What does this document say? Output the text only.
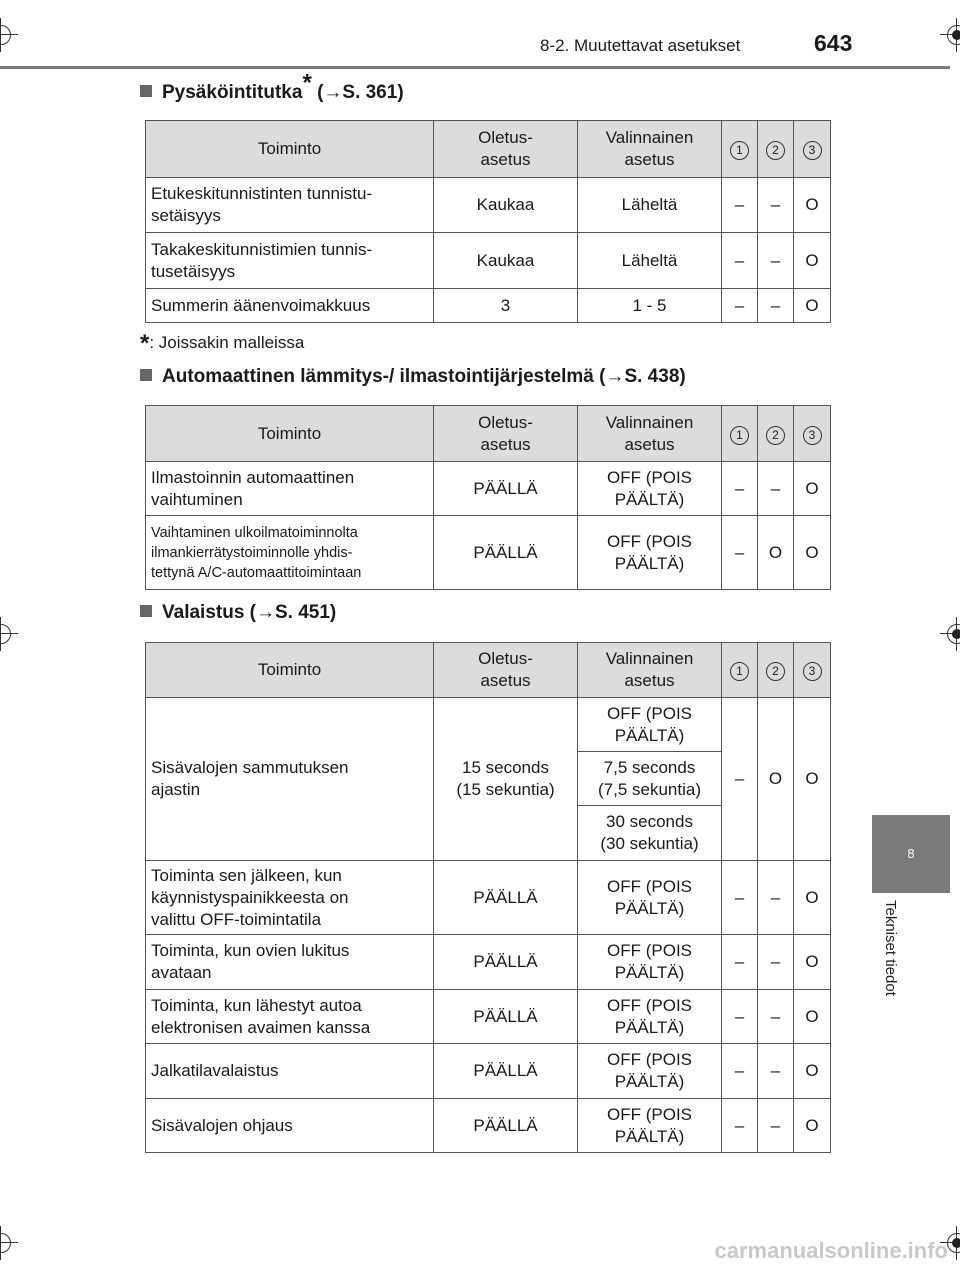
8-2. Muutettavat asetukset	643
8
Tekniset tiedot
Pysäköintitutka* (→S. 361)
Toiminto	Oletus-
asetus	Valinnainen
asetus	1	2	3
Etukeskitunnistinten tunnistu-
setäisyys	Kaukaa	Läheltä	–	–	O
Takakeskitunnistimien tunnis-
tusetäisyys	Kaukaa	Läheltä	–	–	O
Summerin äänenvoimakkuus	3	1 - 5	–	–	O
*: Joissakin malleissa
Automaattinen lämmitys-/ ilmastointijärjestelmä (→S. 438)
Toiminto	Oletus-
asetus	Valinnainen
asetus	1	2	3
Ilmastoinnin automaattinen
vaihtuminen	PÄÄLLÄ	OFF (POIS
PÄÄLTÄ)	–	–	O
Vaihtaminen ulkoilmatoiminnolta
ilmankierrätystoiminnolle yhdis-
tettynä A/C-automaattitoimintaan	PÄÄLLÄ	OFF (POIS
PÄÄLTÄ)	–	O	O
Valaistus (→S. 451)
Toiminto	Oletus-
asetus	Valinnainen
asetus	1	2	3
Sisävalojen sammutuksen
ajastin	15 seconds
(15 sekuntia)	OFF (POIS
PÄÄLTÄ)	–	O	O
		7,5 seconds
(7,5 sekuntia)			
		30 seconds
(30 sekuntia)			
Toiminta sen jälkeen, kun
käynnistyspainikkeesta on
valittu OFF-toimintatila	PÄÄLLÄ	OFF (POIS
PÄÄLTÄ)	–	–	O
Toiminta, kun ovien lukitus
avataan	PÄÄLLÄ	OFF (POIS
PÄÄLTÄ)	–	–	O
Toiminta, kun lähestyt autoa
elektronisen avaimen kanssa	PÄÄLLÄ	OFF (POIS
PÄÄLTÄ)	–	–	O
Jalkatilavalaistus	PÄÄLLÄ	OFF (POIS
PÄÄLTÄ)	–	–	O
Sisävalojen ohjaus	PÄÄLLÄ	OFF (POIS
PÄÄLTÄ)	–	–	O
carmanualsonline.info
